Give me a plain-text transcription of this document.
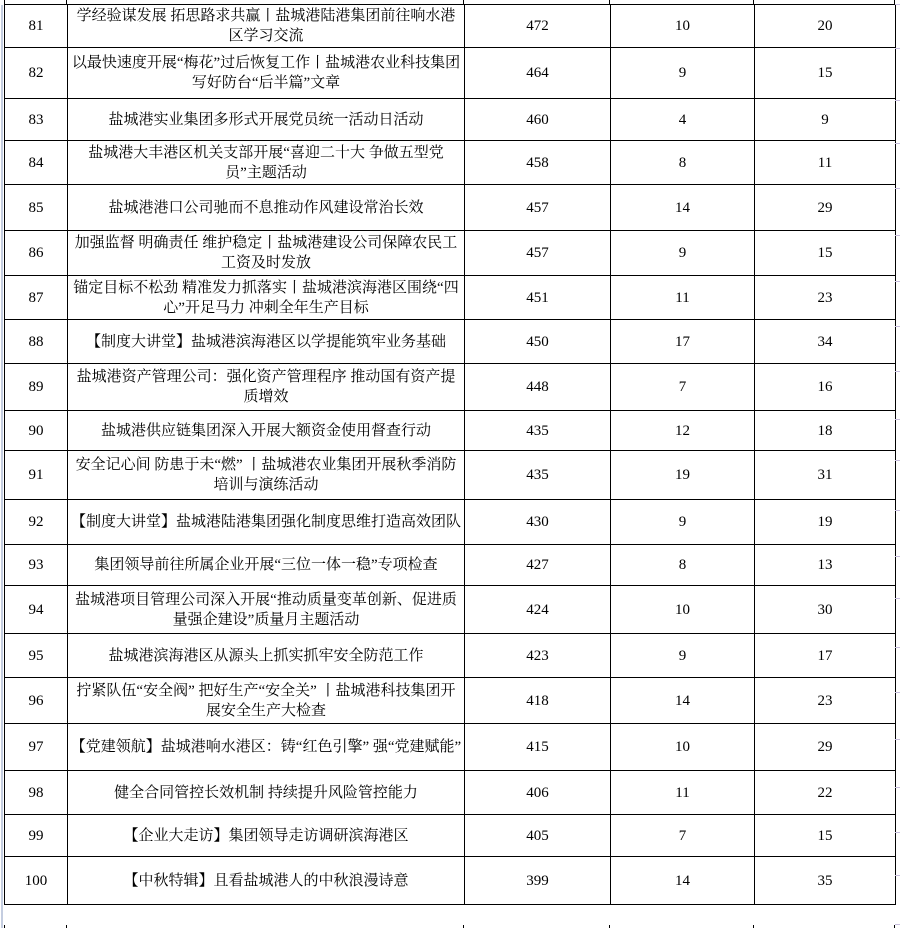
81	学经验谋发展 拓思路求共赢丨盐城港陆港集团前往响水港区学习交流	472	10	20
82	以最快速度开展“梅花”过后恢复工作丨盐城港农业科技集团写好防台“后半篇”文章	464	9	15
83	盐城港实业集团多形式开展党员统一活动日活动	460	4	9
84	盐城港大丰港区机关支部开展“喜迎二十大 争做五型党员”主题活动	458	8	11
85	盐城港港口公司驰而不息推动作风建设常治长效	457	14	29
86	加强监督 明确责任 维护稳定丨盐城港建设公司保障农民工工资及时发放	457	9	15
87	锚定目标不松劲 精准发力抓落实丨盐城港滨海港区围绕“四心”开足马力 冲刺全年生产目标	451	11	23
88	【制度大讲堂】盐城港滨海港区以学提能筑牢业务基础	450	17	34
89	盐城港资产管理公司：强化资产管理程序 推动国有资产提质增效	448	7	16
90	盐城港供应链集团深入开展大额资金使用督查行动	435	12	18
91	安全记心间 防患于未“燃” 丨盐城港农业集团开展秋季消防培训与演练活动	435	19	31
92	【制度大讲堂】盐城港陆港集团强化制度思维打造高效团队	430	9	19
93	集团领导前往所属企业开展“三位一体一稳”专项检查	427	8	13
94	盐城港项目管理公司深入开展“推动质量变革创新、促进质量强企建设”质量月主题活动	424	10	30
95	盐城港滨海港区从源头上抓实抓牢安全防范工作	423	9	17
96	拧紧队伍“安全阀” 把好生产“安全关” 丨盐城港科技集团开展安全生产大检查	418	14	23
97	【党建领航】盐城港响水港区：铸“红色引擎” 强“党建赋能”	415	10	29
98	健全合同管控长效机制 持续提升风险管控能力	406	11	22
99	【企业大走访】集团领导走访调研滨海港区	405	7	15
100	【中秋特辑】且看盐城港人的中秋浪漫诗意	399	14	35
